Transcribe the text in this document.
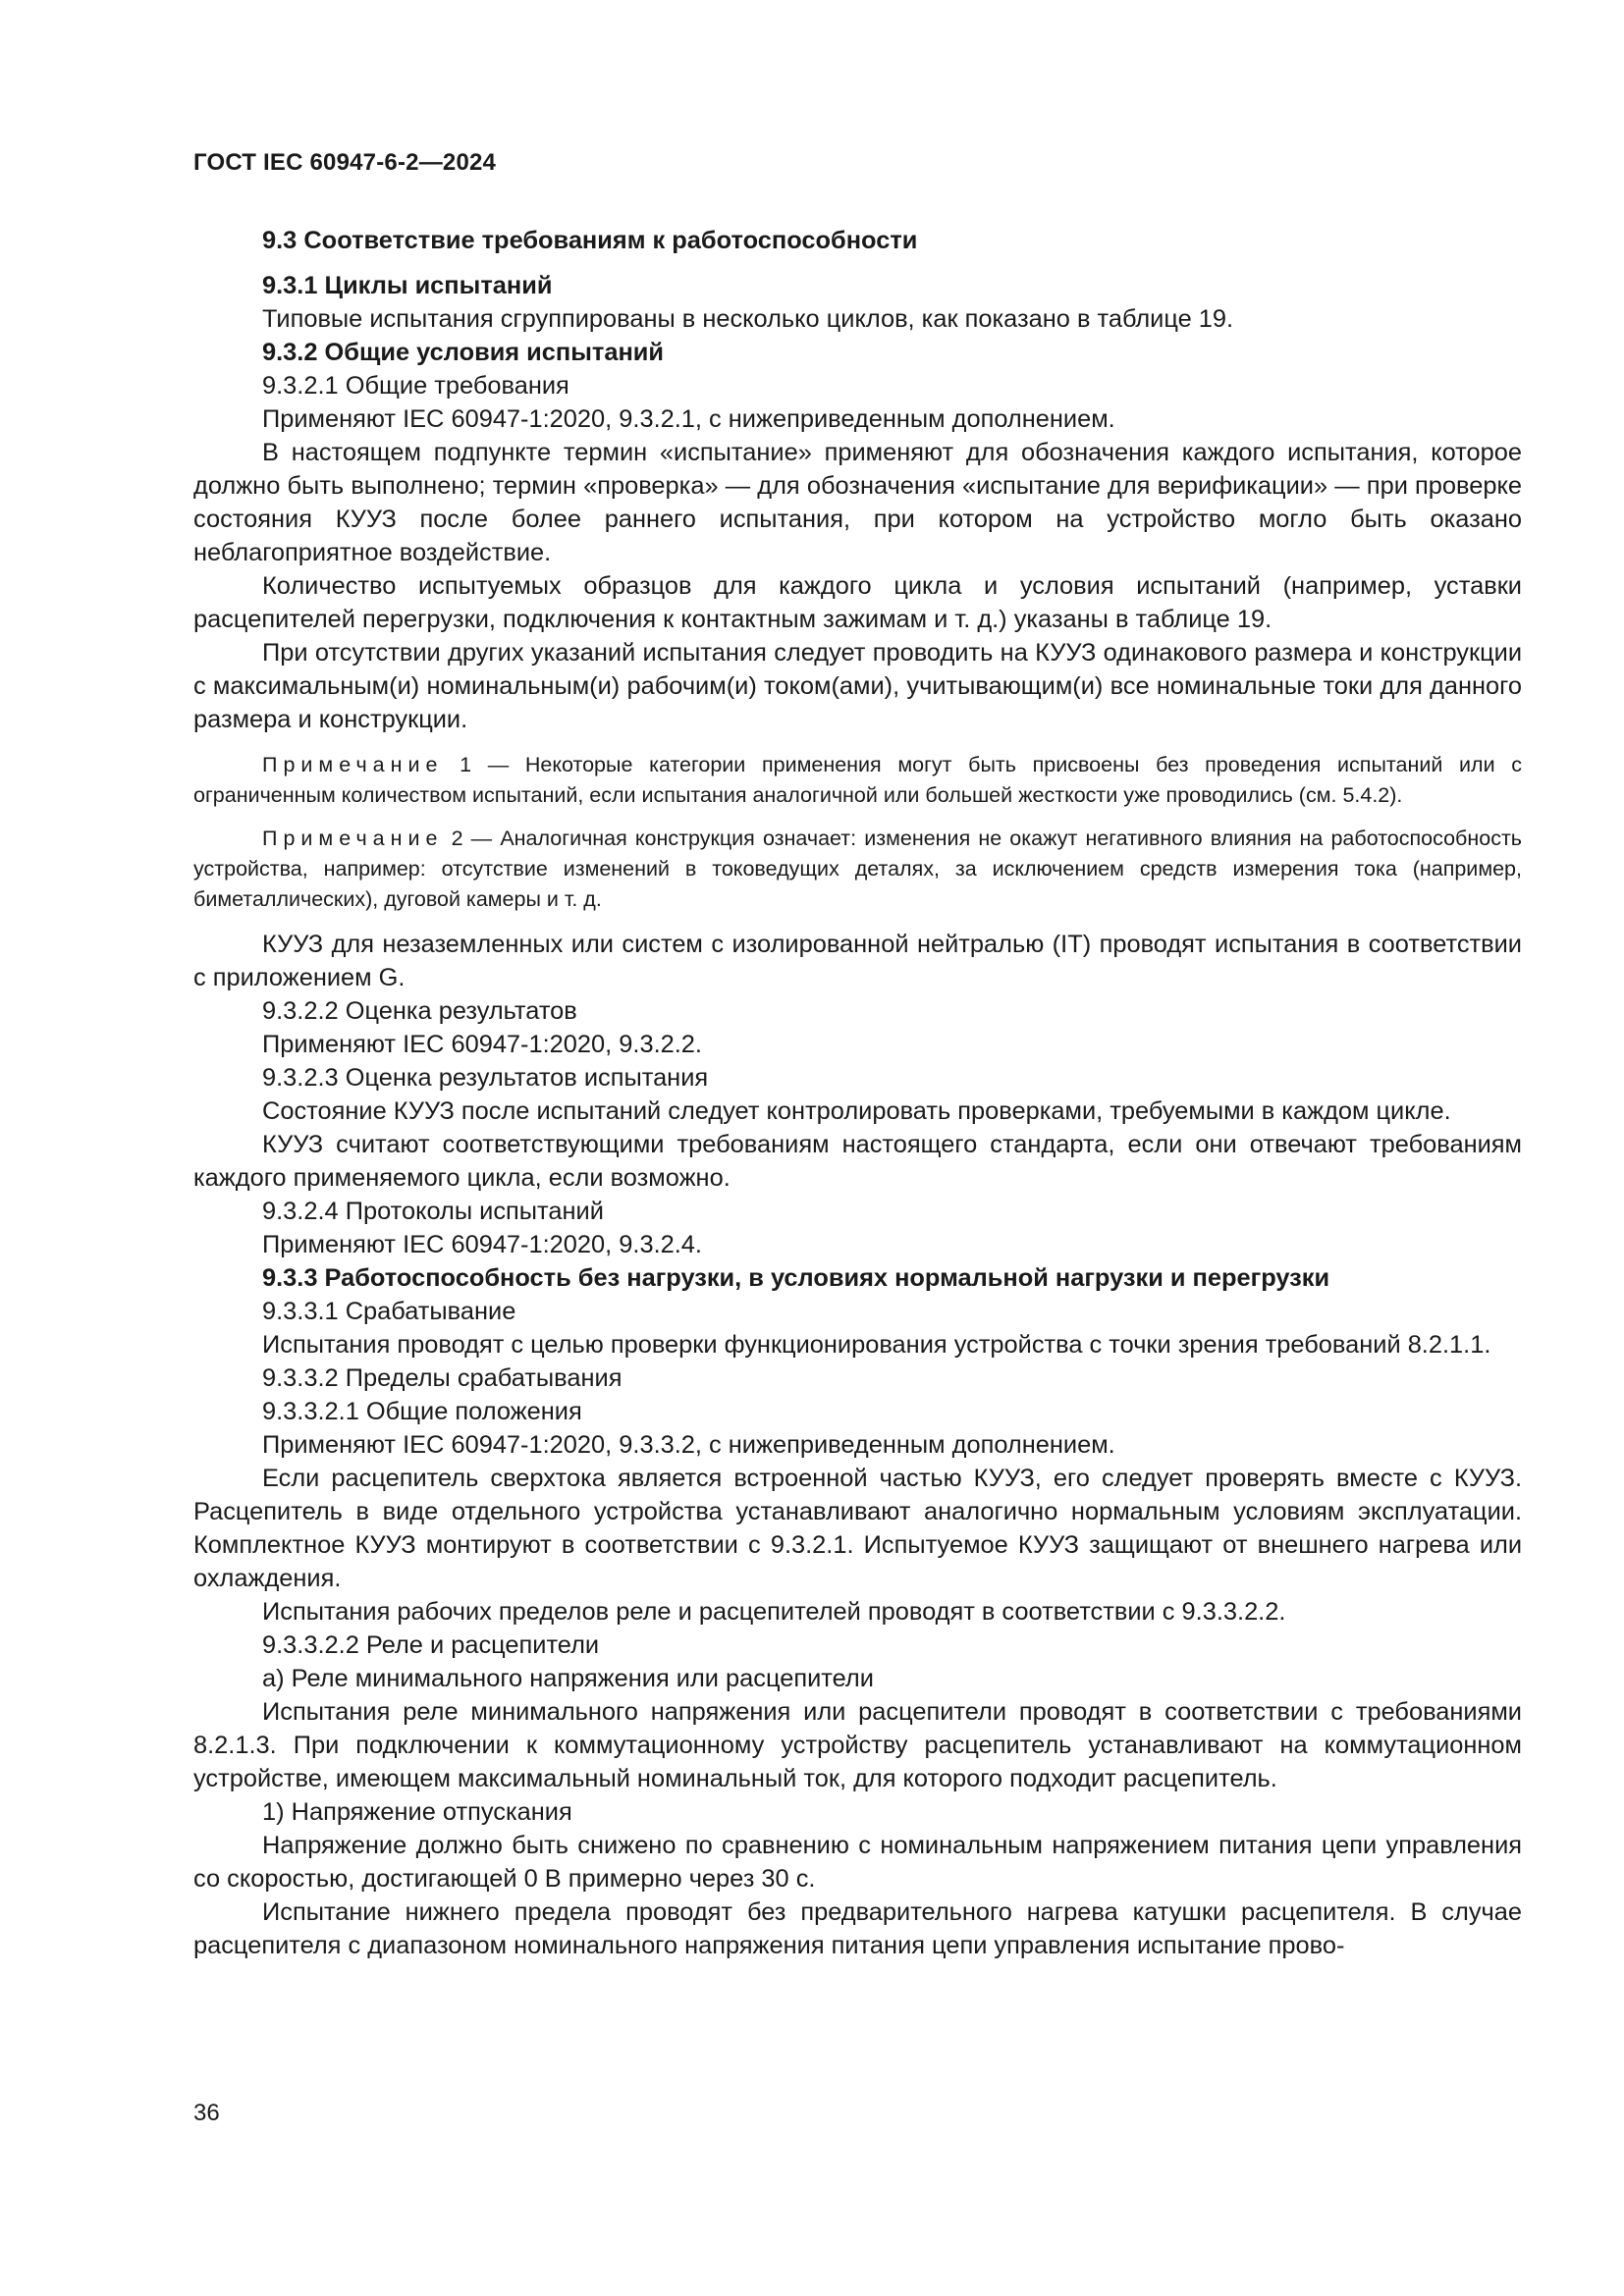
ГОСТ IEC 60947-6-2—2024

9.3 Соответствие требованиям к работоспособности

9.3.1 Циклы испытаний

Типовые испытания сгруппированы в несколько циклов, как показано в таблице 19.

9.3.2 Общие условия испытаний

9.3.2.1 Общие требования

Применяют IEC 60947-1:2020, 9.3.2.1, с нижеприведенным дополнением.

В настоящем подпункте термин «испытание» применяют для обозначения каждого испытания, которое должно быть выполнено; термин «проверка» — для обозначения «испытание для верификации» — при проверке состояния КУУЗ после более раннего испытания, при котором на устройство могло быть оказано неблагоприятное воздействие.

Количество испытуемых образцов для каждого цикла и условия испытаний (например, уставки расцепителей перегрузки, подключения к контактным зажимам и т. д.) указаны в таблице 19.

При отсутствии других указаний испытания следует проводить на КУУЗ одинакового размера и конструкции с максимальным(и) номинальным(и) рабочим(и) током(ами), учитывающим(и) все номинальные токи для данного размера и конструкции.

Примечание 1 — Некоторые категории применения могут быть присвоены без проведения испытаний или с ограниченным количеством испытаний, если испытания аналогичной или большей жесткости уже проводились (см. 5.4.2).

Примечание 2 — Аналогичная конструкция означает: изменения не окажут негативного влияния на работоспособность устройства, например: отсутствие изменений в токоведущих деталях, за исключением средств измерения тока (например, биметаллических), дуговой камеры и т. д.

КУУЗ для незаземленных или систем с изолированной нейтралью (IT) проводят испытания в соответствии с приложением G.

9.3.2.2 Оценка результатов

Применяют IEC 60947-1:2020, 9.3.2.2.

9.3.2.3 Оценка результатов испытания

Состояние КУУЗ после испытаний следует контролировать проверками, требуемыми в каждом цикле.

КУУЗ считают соответствующими требованиям настоящего стандарта, если они отвечают требованиям каждого применяемого цикла, если возможно.

9.3.2.4 Протоколы испытаний

Применяют IEC 60947-1:2020, 9.3.2.4.

9.3.3 Работоспособность без нагрузки, в условиях нормальной нагрузки и перегрузки

9.3.3.1 Срабатывание

Испытания проводят с целью проверки функционирования устройства с точки зрения требований 8.2.1.1.

9.3.3.2 Пределы срабатывания

9.3.3.2.1 Общие положения

Применяют IEC 60947-1:2020, 9.3.3.2, с нижеприведенным дополнением.

Если расцепитель сверхтока является встроенной частью КУУЗ, его следует проверять вместе с КУУЗ. Расцепитель в виде отдельного устройства устанавливают аналогично нормальным условиям эксплуатации. Комплектное КУУЗ монтируют в соответствии с 9.3.2.1. Испытуемое КУУЗ защищают от внешнего нагрева или охлаждения.

Испытания рабочих пределов реле и расцепителей проводят в соответствии с 9.3.3.2.2.

9.3.3.2.2 Реле и расцепители

а) Реле минимального напряжения или расцепители

Испытания реле минимального напряжения или расцепители проводят в соответствии с требованиями 8.2.1.3. При подключении к коммутационному устройству расцепитель устанавливают на коммутационном устройстве, имеющем максимальный номинальный ток, для которого подходит расцепитель.

1) Напряжение отпускания

Напряжение должно быть снижено по сравнению с номинальным напряжением питания цепи управления со скоростью, достигающей 0 В примерно через 30 с.

Испытание нижнего предела проводят без предварительного нагрева катушки расцепителя. В случае расцепителя с диапазоном номинального напряжения питания цепи управления испытание прово-

36
